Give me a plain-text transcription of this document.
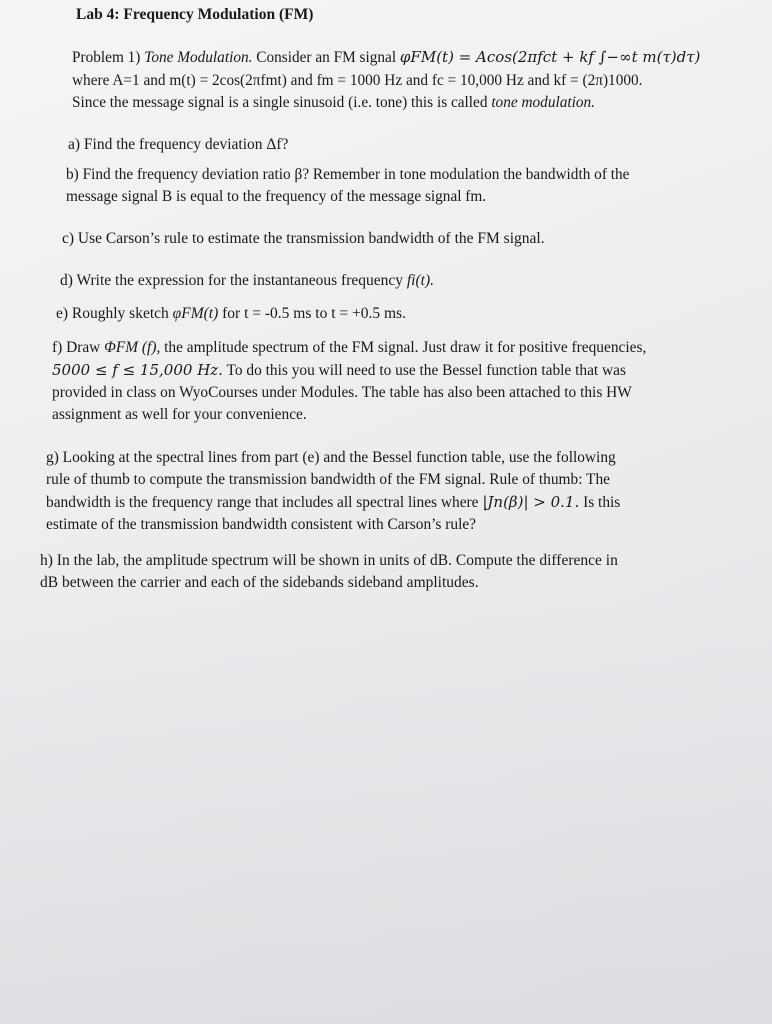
Lab 4: Frequency Modulation (FM)

Problem 1) Tone Modulation. Consider an FM signal φFM(t) = Acos(2πfct + kf ∫−∞t m(τ)dτ)
where A=1 and m(t) = 2cos(2πfmt) and fm = 1000 Hz and fc = 10,000 Hz and kf = (2π)1000.
Since the message signal is a single sinusoid (i.e. tone) this is called tone modulation.

a) Find the frequency deviation Δf?

b) Find the frequency deviation ratio β? Remember in tone modulation the bandwidth of the
message signal B is equal to the frequency of the message signal fm.

c) Use Carson’s rule to estimate the transmission bandwidth of the FM signal.

d) Write the expression for the instantaneous frequency fi(t).

e) Roughly sketch φFM(t) for t = -0.5 ms to t = +0.5 ms.

f) Draw ΦFM (f), the amplitude spectrum of the FM signal. Just draw it for positive frequencies,
5000 ≤ f ≤ 15,000 Hz. To do this you will need to use the Bessel function table that was
provided in class on WyoCourses under Modules. The table has also been attached to this HW
assignment as well for your convenience.

g) Looking at the spectral lines from part (e) and the Bessel function table, use the following
rule of thumb to compute the transmission bandwidth of the FM signal. Rule of thumb: The
bandwidth is the frequency range that includes all spectral lines where |Jn(β)| > 0.1. Is this
estimate of the transmission bandwidth consistent with Carson’s rule?

h) In the lab, the amplitude spectrum will be shown in units of dB. Compute the difference in
dB between the carrier and each of the sidebands sideband amplitudes.
